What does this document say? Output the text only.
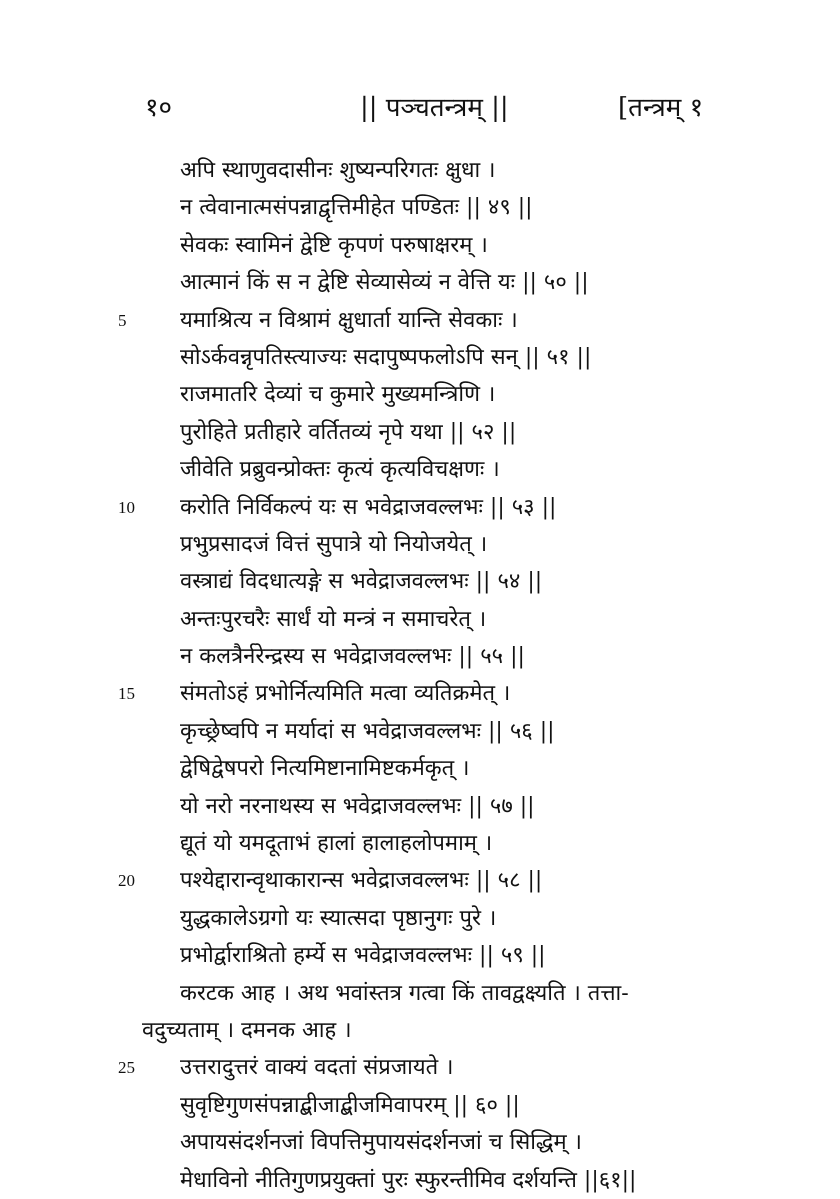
१०	|| पञ्चतन्त्रम् ||	[तन्त्रम् १
अपि स्थाणुवदासीनः शुष्यन्परिगतः क्षुधा ।
न त्वेवानात्मसंपन्नाद्वृत्तिमीहेत पण्डितः || ४९ ||
सेवकः स्वामिनं द्वेष्टि कृपणं परुषाक्षरम् ।
आत्मानं किं स न द्वेष्टि सेव्यासेव्यं न वेत्ति यः || ५० ||
5	यमाश्रित्य न विश्रामं क्षुधार्ता यान्ति सेवकाः ।
सोऽर्कवन्नृपतिस्त्याज्यः सदापुष्पफलोऽपि सन् || ५१ ||
राजमातरि देव्यां च कुमारे मुख्यमन्त्रिणि ।
पुरोहिते प्रतीहारे वर्तितव्यं नृपे यथा || ५२ ||
जीवेति प्रब्रुवन्प्रोक्तः कृत्यं कृत्यविचक्षणः ।
10	करोति निर्विकल्पं यः स भवेद्राजवल्लभः || ५३ ||
प्रभुप्रसादजं वित्तं सुपात्रे यो नियोजयेत् ।
वस्त्राद्यं विदधात्यङ्गे स भवेद्राजवल्लभः || ५४ ||
अन्तःपुरचरैः सार्धं यो मन्त्रं न समाचरेत् ।
न कलत्रैर्नरेन्द्रस्य स भवेद्राजवल्लभः || ५५ ||
15	संमतोऽहं प्रभोर्नित्यमिति मत्वा व्यतिक्रमेत् ।
कृच्छ्रेष्वपि न मर्यादां स भवेद्राजवल्लभः || ५६ ||
द्वेषिद्वेषपरो नित्यमिष्टानामिष्टकर्मकृत् ।
यो नरो नरनाथस्य स भवेद्राजवल्लभः || ५७ ||
द्यूतं यो यमदूताभं हालां हालाहलोपमाम् ।
20	पश्येद्दारान्वृथाकारान्स भवेद्राजवल्लभः || ५८ ||
युद्धकालेऽग्रगो यः स्यात्सदा पृष्ठानुगः पुरे ।
प्रभोर्द्वाराश्रितो हर्म्ये स भवेद्राजवल्लभः || ५९ ||
करटक आह । अथ भवांस्तत्र गत्वा किं तावद्वक्ष्यति । तत्ता-
वदुच्यताम् । दमनक आह ।
25	उत्तरादुत्तरं वाक्यं वदतां संप्रजायते ।
सुवृष्टिगुणसंपन्नाद्बीजाद्बीजमिवापरम् || ६० ||
अपायसंदर्शनजां विपत्तिमुपायसंदर्शनजां च सिद्धिम् ।
मेधाविनो नीतिगुणप्रयुक्तां पुरः स्फुरन्तीमिव दर्शयन्ति ||६१||
